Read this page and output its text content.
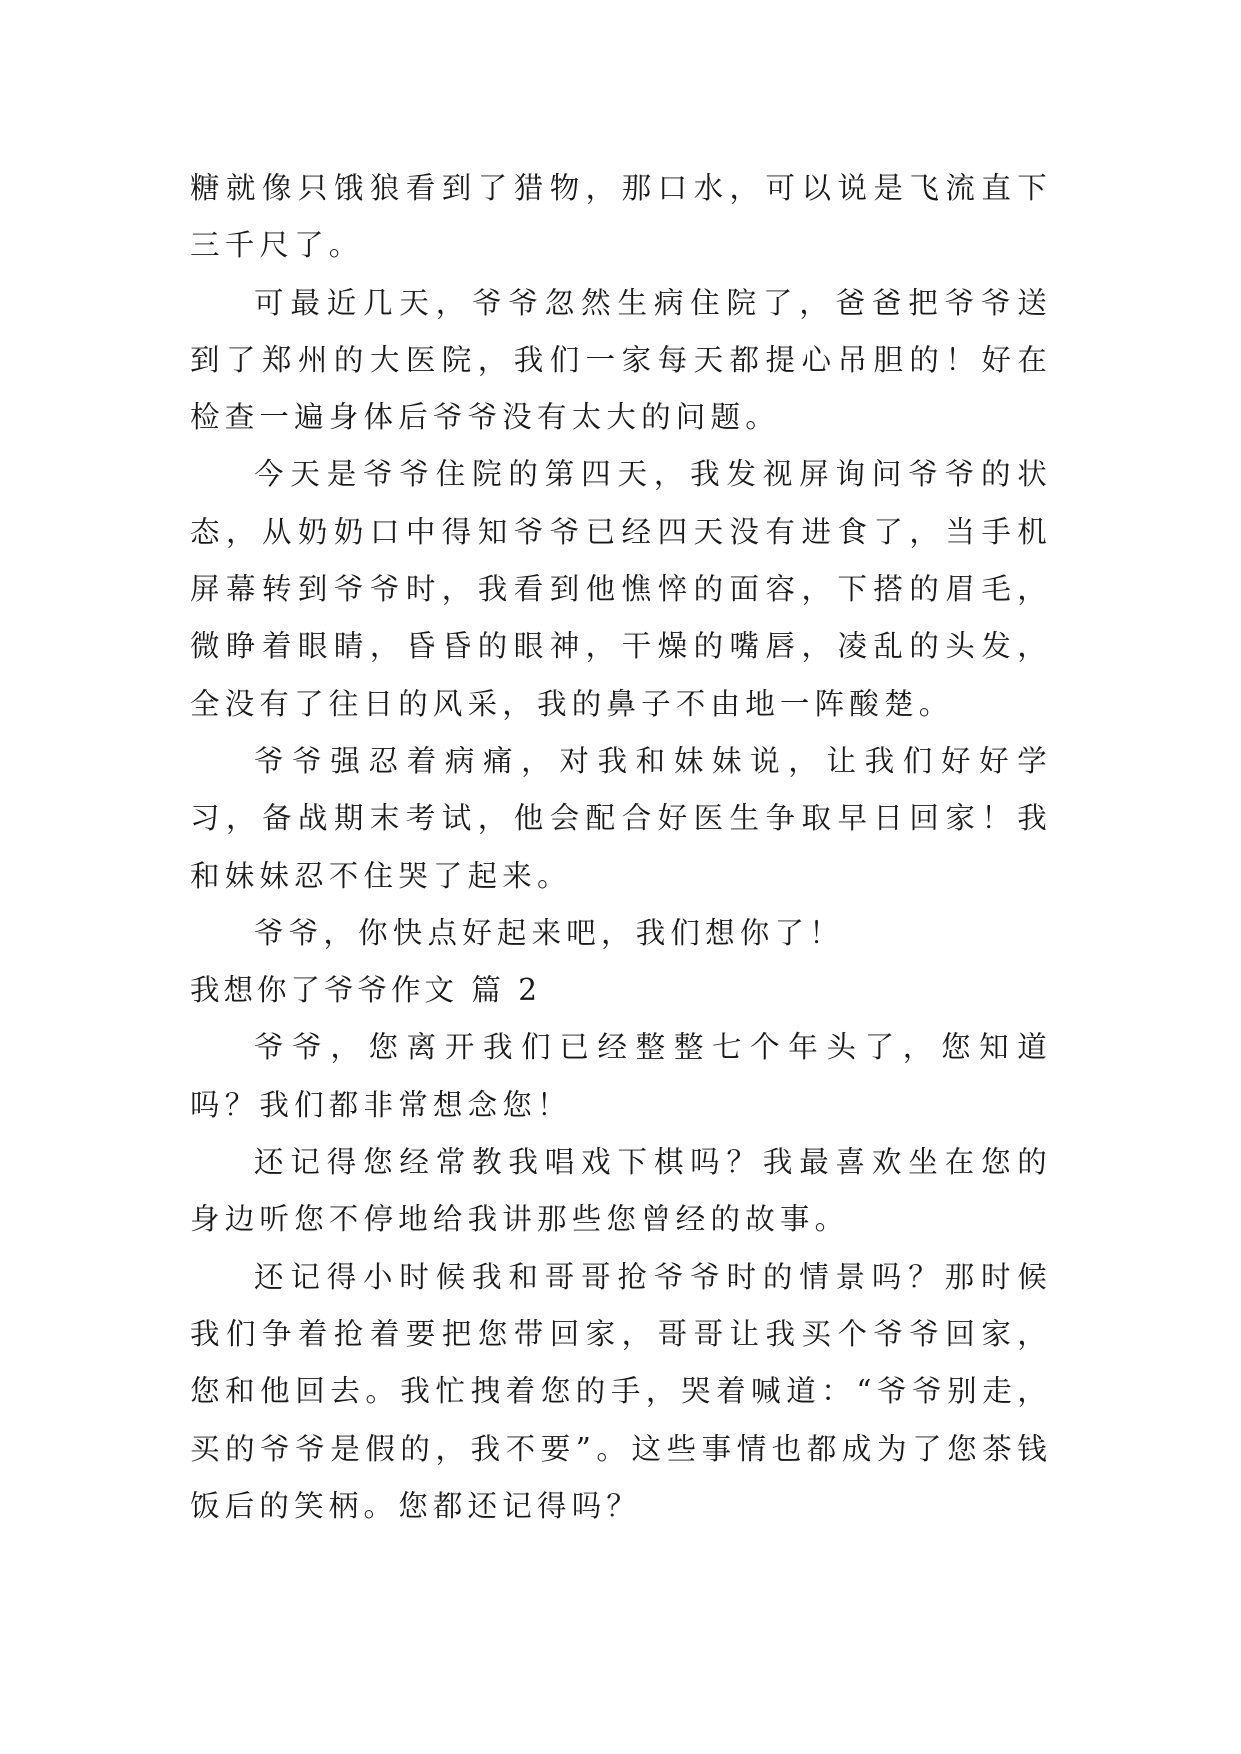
糖就像只饿狼看到了猎物，那口水，可以说是飞流直下三千尺了。

可最近几天，爷爷忽然生病住院了，爸爸把爷爷送到了郑州的大医院，我们一家每天都提心吊胆的！好在检查一遍身体后爷爷没有太大的问题。

今天是爷爷住院的第四天，我发视屏询问爷爷的状态，从奶奶口中得知爷爷已经四天没有进食了，当手机屏幕转到爷爷时，我看到他憔悴的面容，下搭的眉毛，微睁着眼睛，昏昏的眼神，干燥的嘴唇，凌乱的头发，全没有了往日的风采，我的鼻子不由地一阵酸楚。

爷爷强忍着病痛，对我和妹妹说，让我们好好学习，备战期末考试，他会配合好医生争取早日回家！我和妹妹忍不住哭了起来。

爷爷，你快点好起来吧，我们想你了！

我想你了爷爷作文 篇 2

爷爷，您离开我们已经整整七个年头了，您知道吗？我们都非常想念您！

还记得您经常教我唱戏下棋吗？我最喜欢坐在您的身边听您不停地给我讲那些您曾经的故事。

还记得小时候我和哥哥抢爷爷时的情景吗？那时候我们争着抢着要把您带回家，哥哥让我买个爷爷回家，您和他回去。我忙拽着您的手，哭着喊道：“爷爷别走，买的爷爷是假的，我不要”。这些事情也都成为了您茶钱饭后的笑柄。您都还记得吗？
